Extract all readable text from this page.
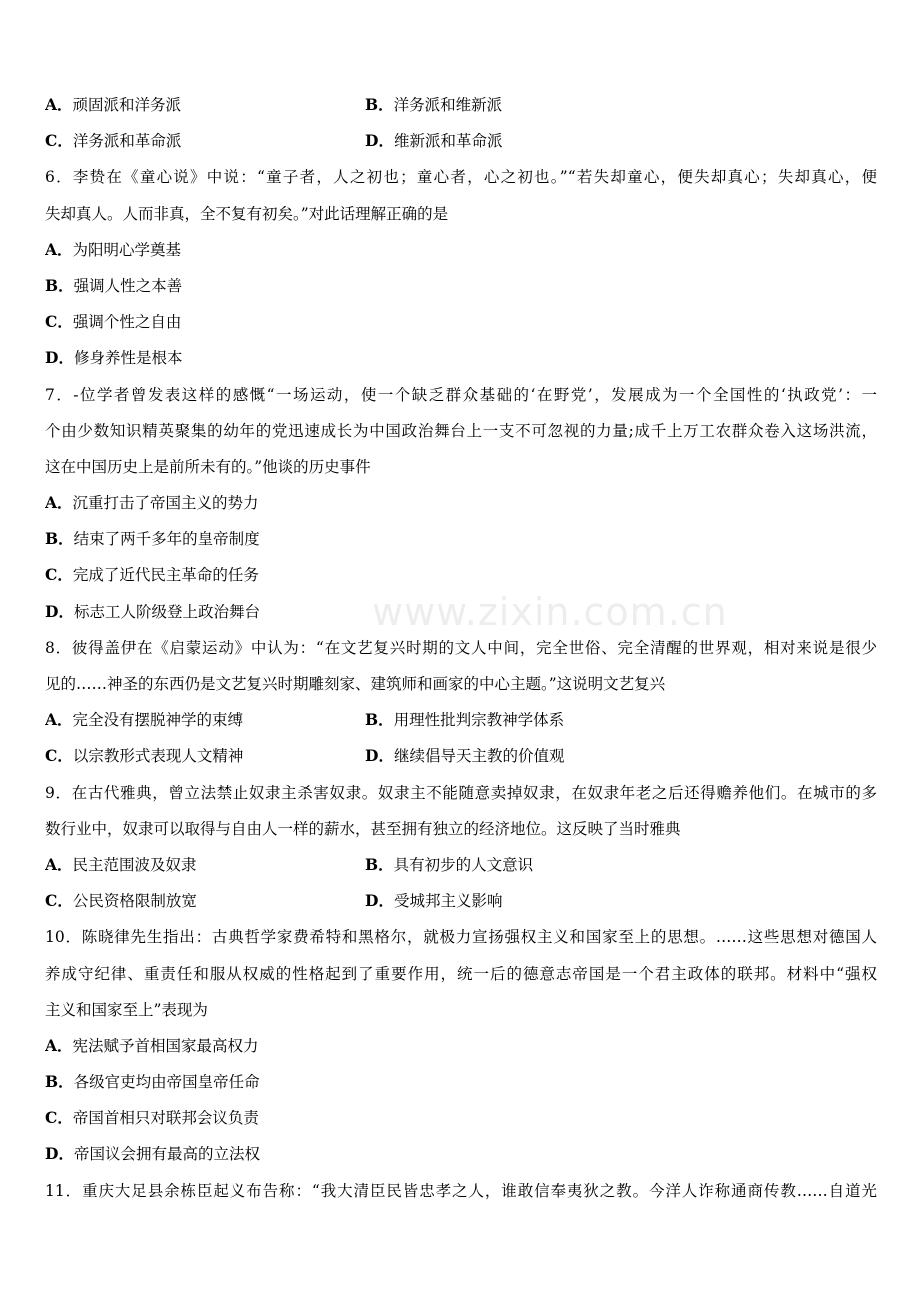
www.zixin.com.cn
A．顽固派和洋务派	B．洋务派和维新派
C．洋务派和革命派	D．维新派和革命派
6．李贽在《童心说》中说：“童子者，人之初也；童心者，心之初也。”“若失却童心，便失却真心；失却真心，便
失却真人。人而非真，全不复有初矣。”对此话理解正确的是
A．为阳明心学奠基
B．强调人性之本善
C．强调个性之自由
D．修身养性是根本
7．-位学者曾发表这样的感慨“一场运动，使一个缺乏群众基础的‘在野党’，发展成为一个全国性的‘执政党’：一
个由少数知识精英聚集的幼年的党迅速成长为中国政治舞台上一支不可忽视的力量;成千上万工农群众卷入这场洪流，
这在中国历史上是前所未有的。”他谈的历史事件
A．沉重打击了帝国主义的势力
B．结束了两千多年的皇帝制度
C．完成了近代民主革命的任务
D．标志工人阶级登上政治舞台
8．彼得盖伊在《启蒙运动》中认为：“在文艺复兴时期的文人中间，完全世俗、完全清醒的世界观，相对来说是很少
见的……神圣的东西仍是文艺复兴时期雕刻家、建筑师和画家的中心主题。”这说明文艺复兴
A．完全没有摆脱神学的束缚	B．用理性批判宗教神学体系
C．以宗教形式表现人文精神	D．继续倡导天主教的价值观
9．在古代雅典，曾立法禁止奴隶主杀害奴隶。奴隶主不能随意卖掉奴隶，在奴隶年老之后还得赡养他们。在城市的多
数行业中，奴隶可以取得与自由人一样的薪水，甚至拥有独立的经济地位。这反映了当时雅典
A．民主范围波及奴隶	B．具有初步的人文意识
C．公民资格限制放宽	D．受城邦主义影响
10．陈晓律先生指出：古典哲学家费希特和黑格尔，就极力宣扬强权主义和国家至上的思想。……这些思想对德国人
养成守纪律、重责任和服从权威的性格起到了重要作用，统一后的德意志帝国是一个君主政体的联邦。材料中“强权
主义和国家至上”表现为
A．宪法赋予首相国家最高权力
B．各级官吏均由帝国皇帝任命
C．帝国首相只对联邦会议负责
D．帝国议会拥有最高的立法权
11．重庆大足县余栋臣起义布告称：“我大清臣民皆忠孝之人，谁敢信奉夷狄之教。今洋人诈称通商传教……自道光
